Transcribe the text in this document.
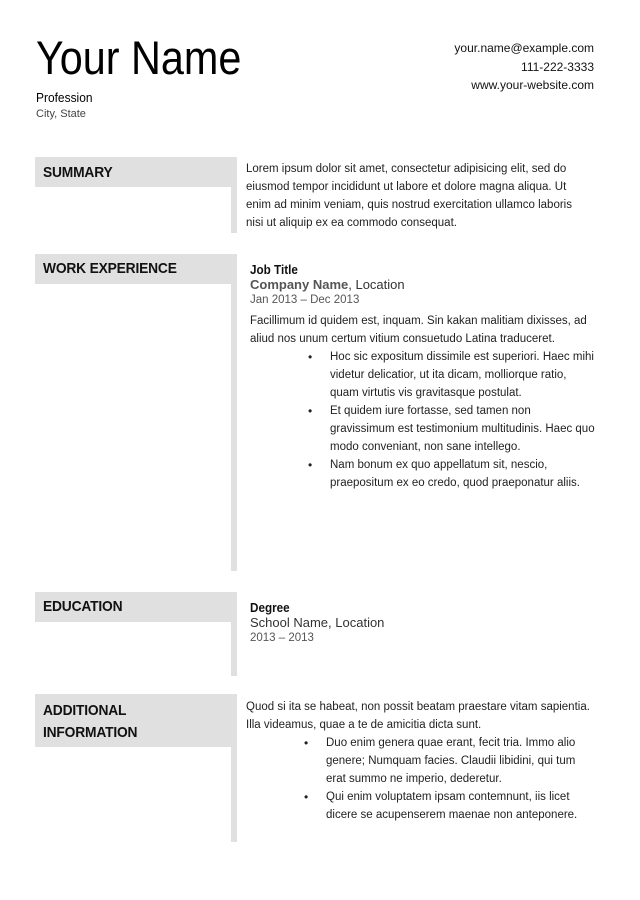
Your Name
Profession
City, State
your.name@example.com
111-222-3333
www.your-website.com
SUMMARY	Lorem ipsum dolor sit amet, consectetur adipisicing elit, sed do eiusmod tempor incididunt ut labore et dolore magna aliqua. Ut enim ad minim veniam, quis nostrud exercitation ullamco laboris nisi ut aliquip ex ea commodo consequat.

WORK EXPERIENCE	Job Title
Company Name, Location
Jan 2013 – Dec 2013

Facillimum id quidem est, inquam. Sin kakan malitiam dixisses, ad aliud nos unum certum vitium consuetudo Latina traduceret.

• Hoc sic expositum dissimile est superiori. Haec mihi videtur delicatior, ut ita dicam, molliorque ratio, quam virtutis vis gravitasque postulat.
• Et quidem iure fortasse, sed tamen non gravissimum est testimonium multitudinis. Haec quo modo conveniant, non sane intellego.
• Nam bonum ex quo appellatum sit, nescio, praepositum ex eo credo, quod praeponatur aliis.
EDUCATION	Degree
School Name, Location
2013 – 2013
ADDITIONAL
INFORMATION

Quod si ita se habeat, non possit beatam praestare vitam sapientia. Illa videamus, quae a te de amicitia dicta sunt.

• Duo enim genera quae erant, fecit tria. Immo alio genere; Numquam facies. Claudii libidini, qui tum erat summo ne imperio, dederetur.
• Qui enim voluptatem ipsam contemnunt, iis licet dicere se acupenserem maenae non anteponere.
